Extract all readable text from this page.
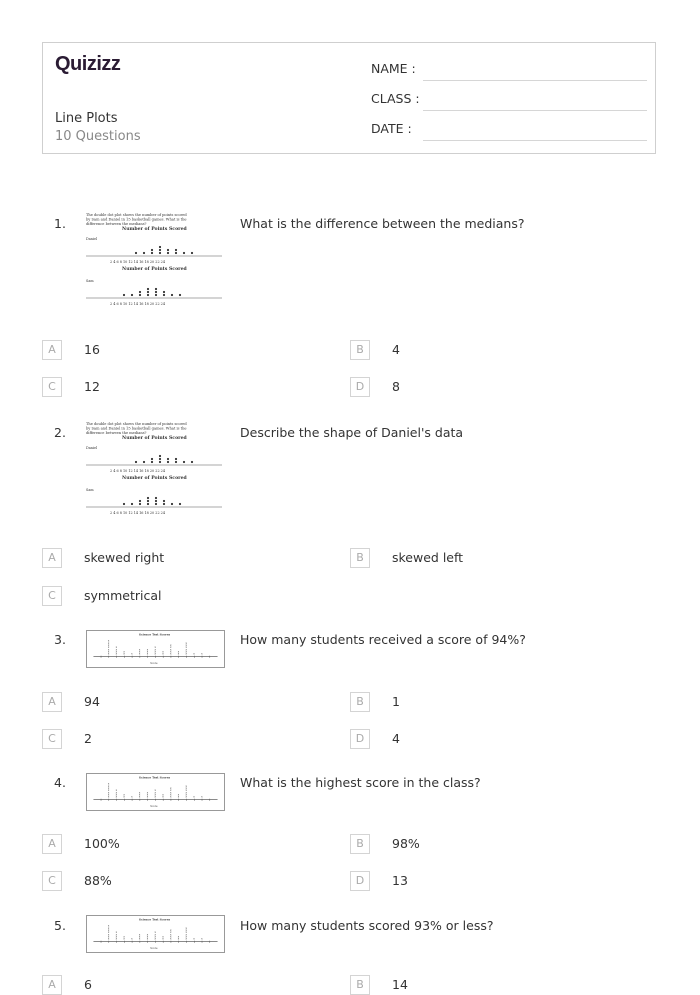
Quizizz
Line Plots
10 Questions
NAME :
CLASS :
DATE :
1.
The double dot plot shows the number of points scored
by Sam and Daniel in 15 basketball games. What is the
difference between the medians?
Number of Points Scored
Daniel
2 4 6 8 10 12 14 16 18 20 22 24
Number of Points Scored
Sam
2 4 6 8 10 12 14 16 18 20 22 24
What is the difference between the medians?
A	16	B	4
C	12	D	8
2.
The double dot plot shows the number of points scored
by Sam and Daniel in 15 basketball games. What is the
difference between the medians?
Number of Points Scored
Daniel
2 4 6 8 10 12 14 16 18 20 22 24
Number of Points Scored
Sam
2 4 6 8 10 12 14 16 18 20 22 24
Describe the shape of Daniel's data
A	skewed right	B	skewed left
C	symmetrical
3.	Science Test Scores
x
x
x
x
x
x
x
x
x
x
x
x
x
x x
x
x
x
x
x
x
x
x
x
x
x
x
x
x
x
x
x
x
x
x
x
x
x
x
x x
Score
How many students received a score of 94%?
A	94	B	1
C	2	D	4
4.	Science Test Scores
x
x
x
x
x
x
x
x
x
x
x
x
x
x x
x
x
x
x
x
x
x
x
x
x
x
x
x
x
x
x
x
x
x
x
x
x
x
x
x x
Score
What is the highest score in the class?
A	100%	B	98%
C	88%	D	13
5.	Science Test Scores
x
x
x
x
x
x
x
x
x
x
x
x
x
x x
x
x
x
x
x
x
x
x
x
x
x
x
x
x
x
x
x
x
x
x
x
x
x
x
x x
Score
How many students scored 93% or less?
A	6	B	14
